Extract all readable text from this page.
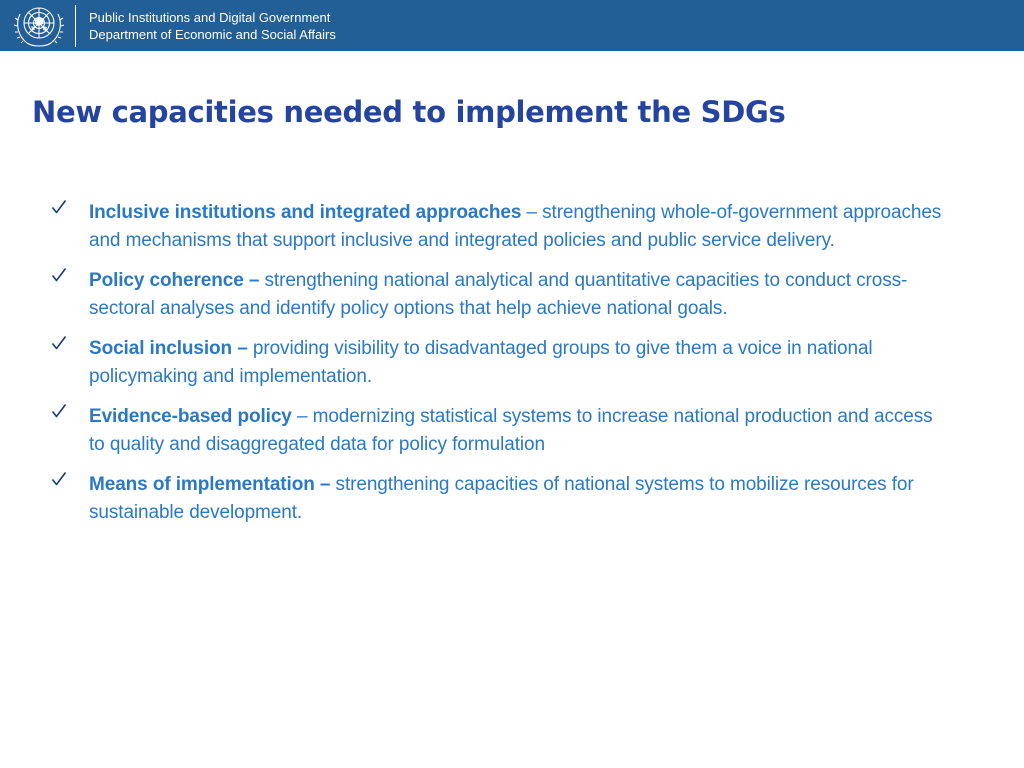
Public Institutions and Digital Government
Department of Economic and Social Affairs
New capacities needed to implement the SDGs

Inclusive institutions and integrated approaches – strengthening whole-of-government approaches and mechanisms that support inclusive and integrated policies and public service delivery.

Policy coherence – strengthening national analytical and quantitative capacities to conduct cross-sectoral analyses and identify policy options that help achieve national goals.

Social inclusion – providing visibility to disadvantaged groups to give them a voice in national policymaking and implementation.

Evidence-based policy – modernizing statistical systems to increase national production and access to quality and disaggregated data for policy formulation

Means of implementation – strengthening capacities of national systems to mobilize resources for sustainable development.
